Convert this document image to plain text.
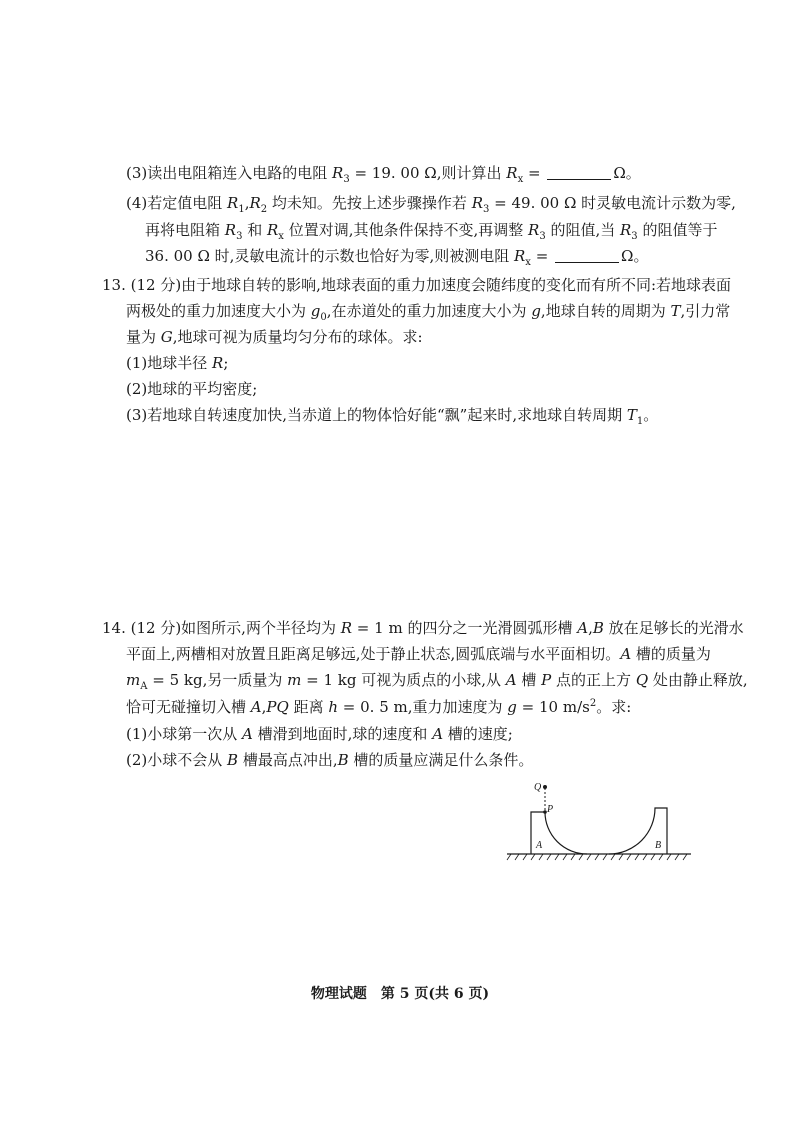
(3)读出电阻箱连入电路的电阻 $R_3 = 19$. 00 Ω,则计算出 $R_x$ =	Ω。
(4)若定值电阻 $R_1,R_2$ 均未知。先按上述步骤操作若 $R_3 = 49$. 00 Ω 时灵敏电流计示数为零,
再将电阻箱 $R_3$ 和 $R_x$ 位置对调,其他条件保持不变,再调整 $R_3$ 的阻值,当 $R_3$ 的阻值等于
36. 00 Ω 时,灵敏电流计的示数也恰好为零,则被测电阻 $R_x$ =	Ω。
13. (12 分)由于地球自转的影响,地球表面的重力加速度会随纬度的变化而有所不同:若地球表面
两极处的重力加速度大小为 $g_0$,在赤道处的重力加速度大小为 g,地球自转的周期为 T,引力常
量为 G,地球可视为质量均匀分布的球体。求:
(1)地球半径 R;
(2)地球的平均密度;
(3)若地球自转速度加快,当赤道上的物体恰好能“飘”起来时,求地球自转周期 $T_1$。
14. (12 分)如图所示,两个半径均为 R = 1 m 的四分之一光滑圆弧形槽 A,B 放在足够长的光滑水
平面上,两槽相对放置且距离足够远,处于静止状态,圆弧底端与水平面相切。A 槽的质量为
$m_A = 5$ kg,另一质量为 m = 1 kg 可视为质点的小球,从 A 槽 P 点的正上方 Q 处由静止释放,
恰可无碰撞切入槽 A,PQ 距离 h = 0. 5 m,重力加速度为 g = 10 $m/s^2$。求:
(1)小球第一次从 A 槽滑到地面时,球的速度和 A 槽的速度;
(2)小球不会从 B 槽最高点冲出,B 槽的质量应满足什么条件。
Q
P
A	B
物理试题　第 5 页(共 6 页)
